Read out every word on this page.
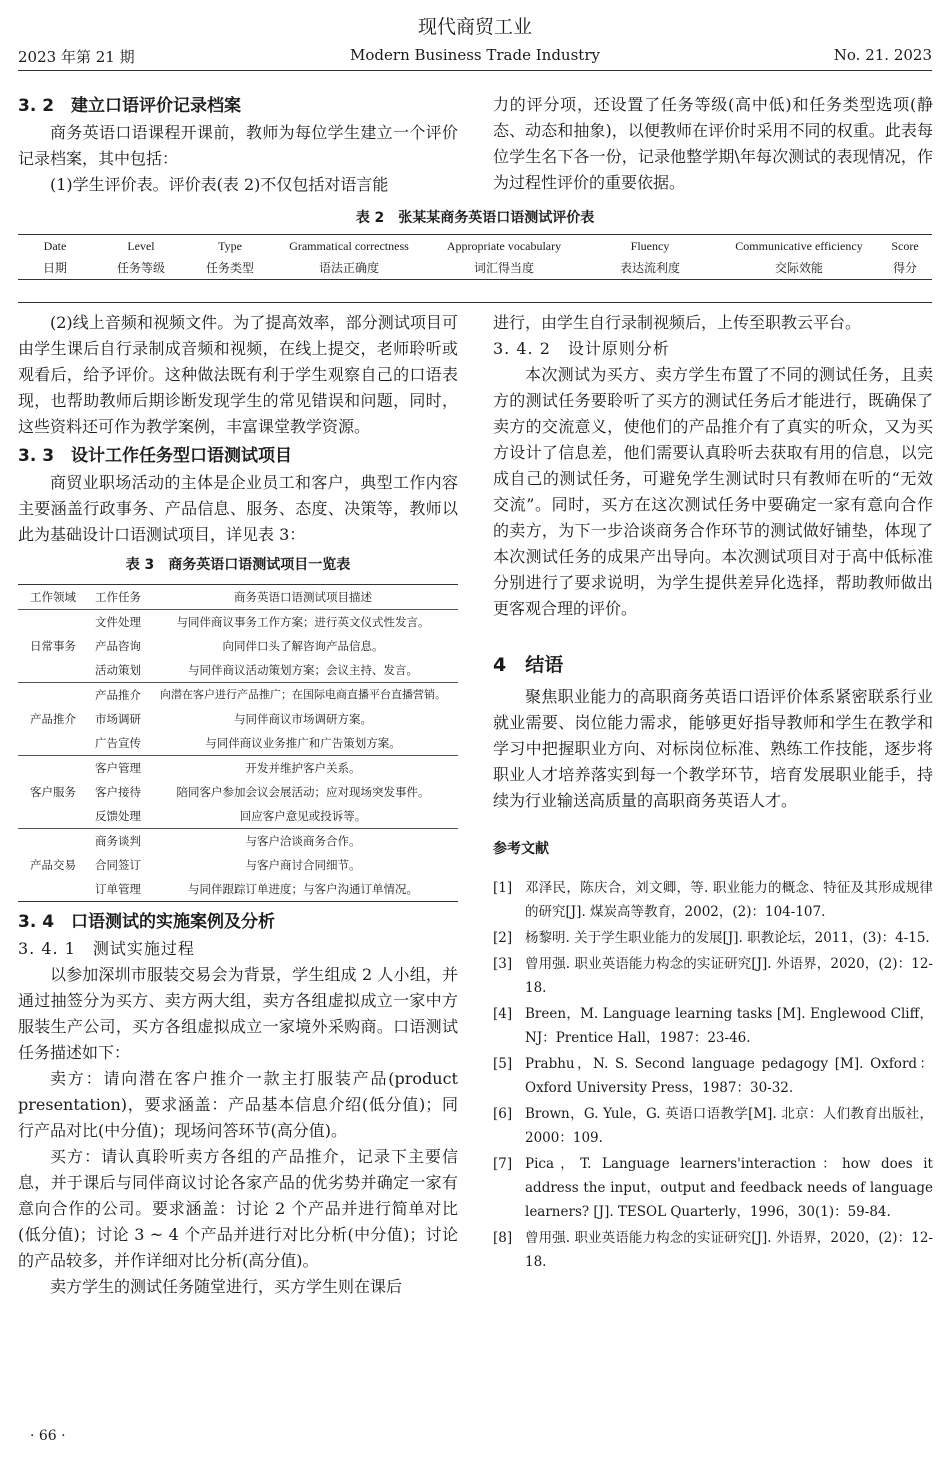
现代商贸工业
2023 年第 21 期	Modern Business Trade Industry	No. 21. 2023
3. 2　建立口语评价记录档案

商务英语口语课程开课前，教师为每位学生建立一个评价记录档案，其中包括：

(1)学生评价表。评价表(表 2)不仅包括对语言能

力的评分项，还设置了任务等级(高中低)和任务类型选项(静态、动态和抽象)，以便教师在评价时采用不同的权重。此表每位学生名下各一份，记录他整学期\年每次测试的表现情况，作为过程性评价的重要依据。

表 2　张某某商务英语口语测试评价表
Date	Level	Type	Grammatical correctness	Appropriate vocabulary	Fluency	Communicative efficiency	Score
日期	任务等级	任务类型	语法正确度	词汇得当度	表达流利度	交际效能	得分

(2)线上音频和视频文件。为了提高效率，部分测试项目可由学生课后自行录制成音频和视频，在线上提交，老师聆听或观看后，给予评价。这种做法既有利于学生观察自己的口语表现，也帮助教师后期诊断发现学生的常见错误和问题，同时，这些资料还可作为教学案例，丰富课堂教学资源。

3. 3　设计工作任务型口语测试项目

商贸业职场活动的主体是企业员工和客户，典型工作内容主要涵盖行政事务、产品信息、服务、态度、决策等，教师以此为基础设计口语测试项目，详见表 3：

表 3　商务英语口语测试项目一览表
工作领域	工作任务	商务英语口语测试项目描述
日常事务	文件处理	与同伴商议事务工作方案；进行英文仪式性发言。
	产品咨询	向同伴口头了解咨询产品信息。
	活动策划	与同伴商议活动策划方案；会议主持、发言。
产品推介	产品推介	向潜在客户进行产品推广；在国际电商直播平台直播营销。
	市场调研	与同伴商议市场调研方案。
	广告宣传	与同伴商议业务推广和广告策划方案。
客户服务	客户管理	开发并维护客户关系。
	客户接待	陪同客户参加会议会展活动；应对现场突发事件。
	反馈处理	回应客户意见或投诉等。
产品交易	商务谈判	与客户洽谈商务合作。
	合同签订	与客户商讨合同细节。
	订单管理	与同伴跟踪订单进度；与客户沟通订单情况。
3. 4　口语测试的实施案例及分析
3. 4. 1　测试实施过程

以参加深圳市服装交易会为背景，学生组成 2 人小组，并通过抽签分为买方、卖方两大组，卖方各组虚拟成立一家中方服装生产公司，买方各组虚拟成立一家境外采购商。口语测试任务描述如下：

卖方：请向潜在客户推介一款主打服装产品(product presentation)，要求涵盖：产品基本信息介绍(低分值)；同行产品对比(中分值)；现场问答环节(高分值)。

买方：请认真聆听卖方各组的产品推介，记录下主要信息，并于课后与同伴商议讨论各家产品的优劣势并确定一家有意向合作的公司。要求涵盖：讨论 2 个产品并进行简单对比(低分值)；讨论 3 ~ 4 个产品并进行对比分析(中分值)；讨论的产品较多，并作详细对比分析(高分值)。

卖方学生的测试任务随堂进行，买方学生则在课后

进行，由学生自行录制视频后，上传至职教云平台。

3. 4. 2　设计原则分析

本次测试为买方、卖方学生布置了不同的测试任务，且卖方的测试任务要聆听了买方的测试任务后才能进行，既确保了卖方的交流意义，使他们的产品推介有了真实的听众，又为买方设计了信息差，他们需要认真聆听去获取有用的信息，以完成自己的测试任务，可避免学生测试时只有教师在听的“无效交流”。同时，买方在这次测试任务中要确定一家有意向合作的卖方，为下一步洽谈商务合作环节的测试做好铺垫，体现了本次测试任务的成果产出导向。本次测试项目对于高中低标准分别进行了要求说明，为学生提供差异化选择，帮助教师做出更客观合理的评价。

4　结语

聚焦职业能力的高职商务英语口语评价体系紧密联系行业就业需要、岗位能力需求，能够更好指导教师和学生在教学和学习中把握职业方向、对标岗位标准、熟练工作技能，逐步将职业人才培养落实到每一个教学环节，培育发展职业能手，持续为行业输送高质量的高职商务英语人才。

参考文献
[1] 邓泽民，陈庆合，刘文卿，等. 职业能力的概念、特征及其形成规律的研究[J]. 煤炭高等教育，2002，(2)：104-107.
[2] 杨黎明. 关于学生职业能力的发展[J]. 职教论坛，2011，(3)：4-15.
[3] 曾用强. 职业英语能力构念的实证研究[J]. 外语界，2020，(2)：12-18.
[4] Breen，M. Language learning tasks [M]. Englewood Cliff，NJ：Prentice Hall，1987：23-46.
[5] Prabhu，N. S. Second language pedagogy [M]. Oxford：Oxford University Press，1987：30-32.
[6] Brown，G. Yule，G. 英语口语教学[M]. 北京：人们教育出版社，2000：109.
[7] Pica，T. Language learners'interaction：how does it address the input，output and feedback needs of language learners? [J]. TESOL Quarterly，1996，30(1)：59-84.
[8] 曾用强. 职业英语能力构念的实证研究[J]. 外语界，2020，(2)：12-18.
· 66 ·
